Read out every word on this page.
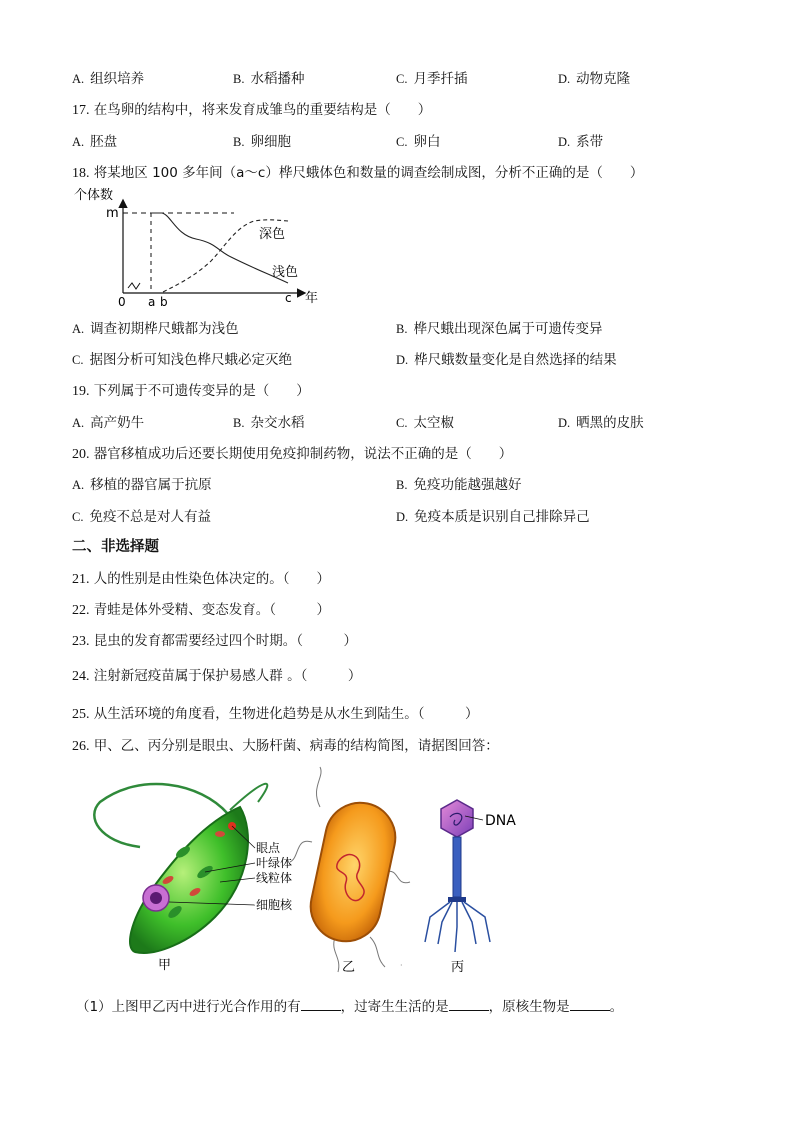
A. 组织培养	B. 水稻播种	C. 月季扦插	D. 动物克隆
17. 在鸟卵的结构中，将来发育成雏鸟的重要结构是（　　）
A. 胚盘	B. 卵细胞	C. 卵白	D. 系带
18. 将某地区 100 多年间（a～c）桦尺蛾体色和数量的调查绘制成图，分析不正确的是（　　）
个体数
m
深色
浅色
0 a b	c 年
A. 调查初期桦尺蛾都为浅色	B. 桦尺蛾出现深色属于可遗传变异
C. 据图分析可知浅色桦尺蛾必定灭绝	D. 桦尺蛾数量变化是自然选择的结果
19. 下列属于不可遗传变异的是（　　）
A. 高产奶牛	B. 杂交水稻	C. 太空椒	D. 晒黑的皮肤
20. 器官移植成功后还要长期使用免疫抑制药物，说法不正确的是（　　）
A. 移植的器官属于抗原	B. 免疫功能越强越好
C. 免疫不总是对人有益	D. 免疫本质是识别自己排除异己
二、非选择题
21. 人的性别是由性染色体决定的。（　　）
22. 青蛙是体外受精、变态发育。（　　　）
23. 昆虫的发育都需要经过四个时期。（　　　）
24. 注射新冠疫苗属于保护易感人群 。（　　　）
25. 从生活环境的角度看，生物进化趋势是从水生到陆生。（　　　）
26. 甲、乙、丙分别是眼虫、大肠杆菌、病毒的结构简图，请据图回答：
眼点
叶绿体
线粒体
细胞核
甲	乙	·
DNA
丙
（1）上图甲乙丙中进行光合作用的有	，过寄生生活的是	，原核生物是	。
